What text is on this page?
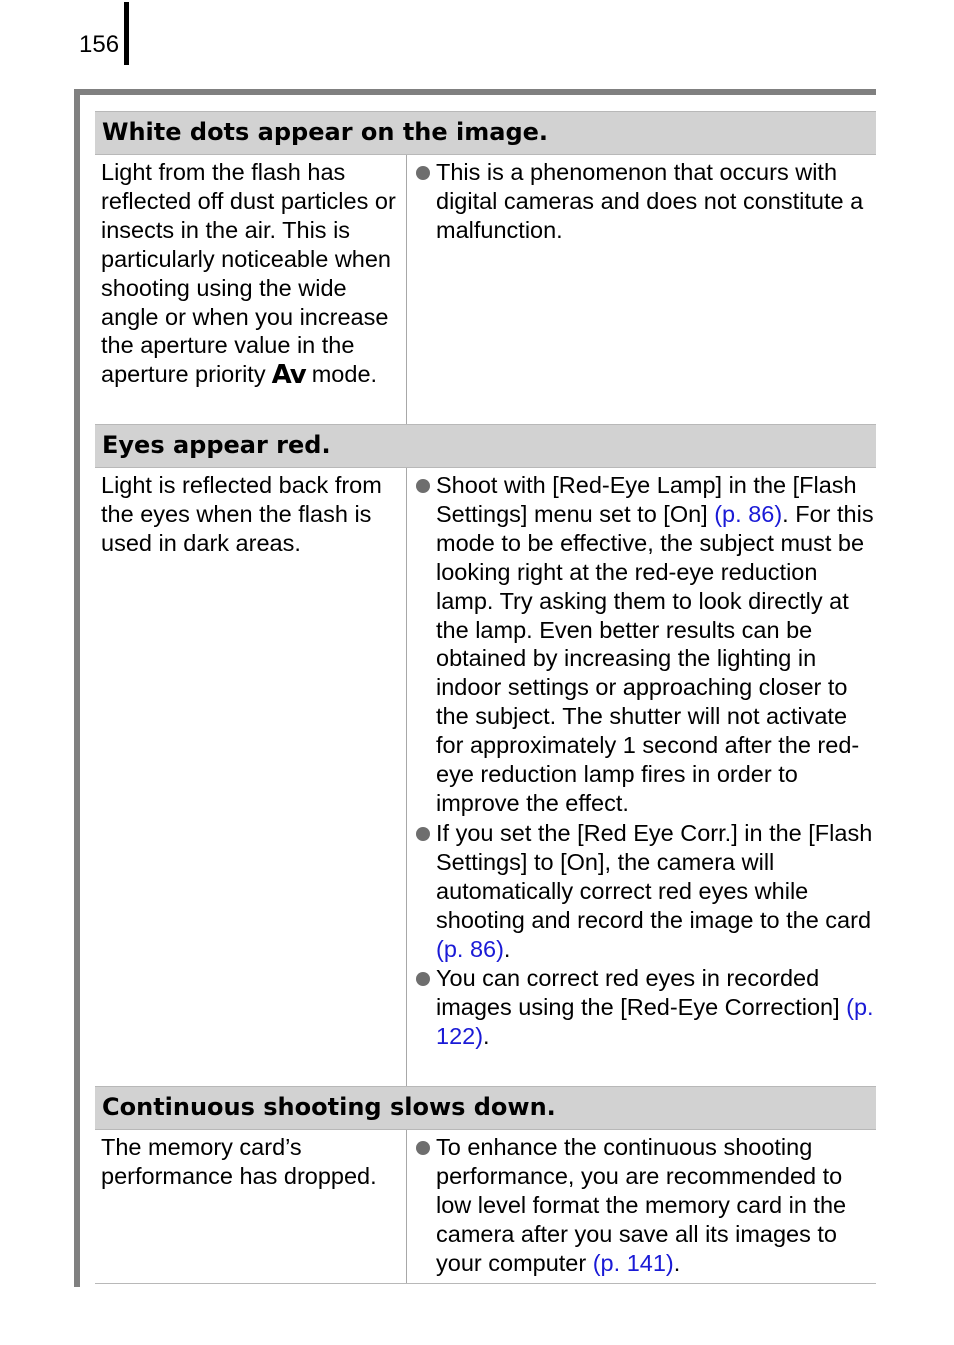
156
White dots appear on the image.
Light from the flash has reflected off dust particles or insects in the air. This is particularly noticeable when shooting using the wide angle or when you increase the aperture value in the aperture priority Av mode.
This is a phenomenon that occurs with digital cameras and does not constitute a malfunction.
Eyes appear red.
Light is reflected back from the eyes when the flash is used in dark areas.
Shoot with [Red-Eye Lamp] in the [Flash Settings] menu set to [On] (p. 86). For this mode to be effective, the subject must be looking right at the red-eye reduction lamp. Try asking them to look directly at the lamp. Even better results can be obtained by increasing the lighting in indoor settings or approaching closer to the subject. The shutter will not activate for approximately 1 second after the red-eye reduction lamp fires in order to improve the effect.
If you set the [Red Eye Corr.] in the [Flash Settings] to [On], the camera will automatically correct red eyes while shooting and record the image to the card (p. 86).
You can correct red eyes in recorded images using the [Red-Eye Correction] (p. 122).
Continuous shooting slows down.
The memory card’s performance has dropped.
To enhance the continuous shooting performance, you are recommended to low level format the memory card in the camera after you save all its images to your computer (p. 141).
